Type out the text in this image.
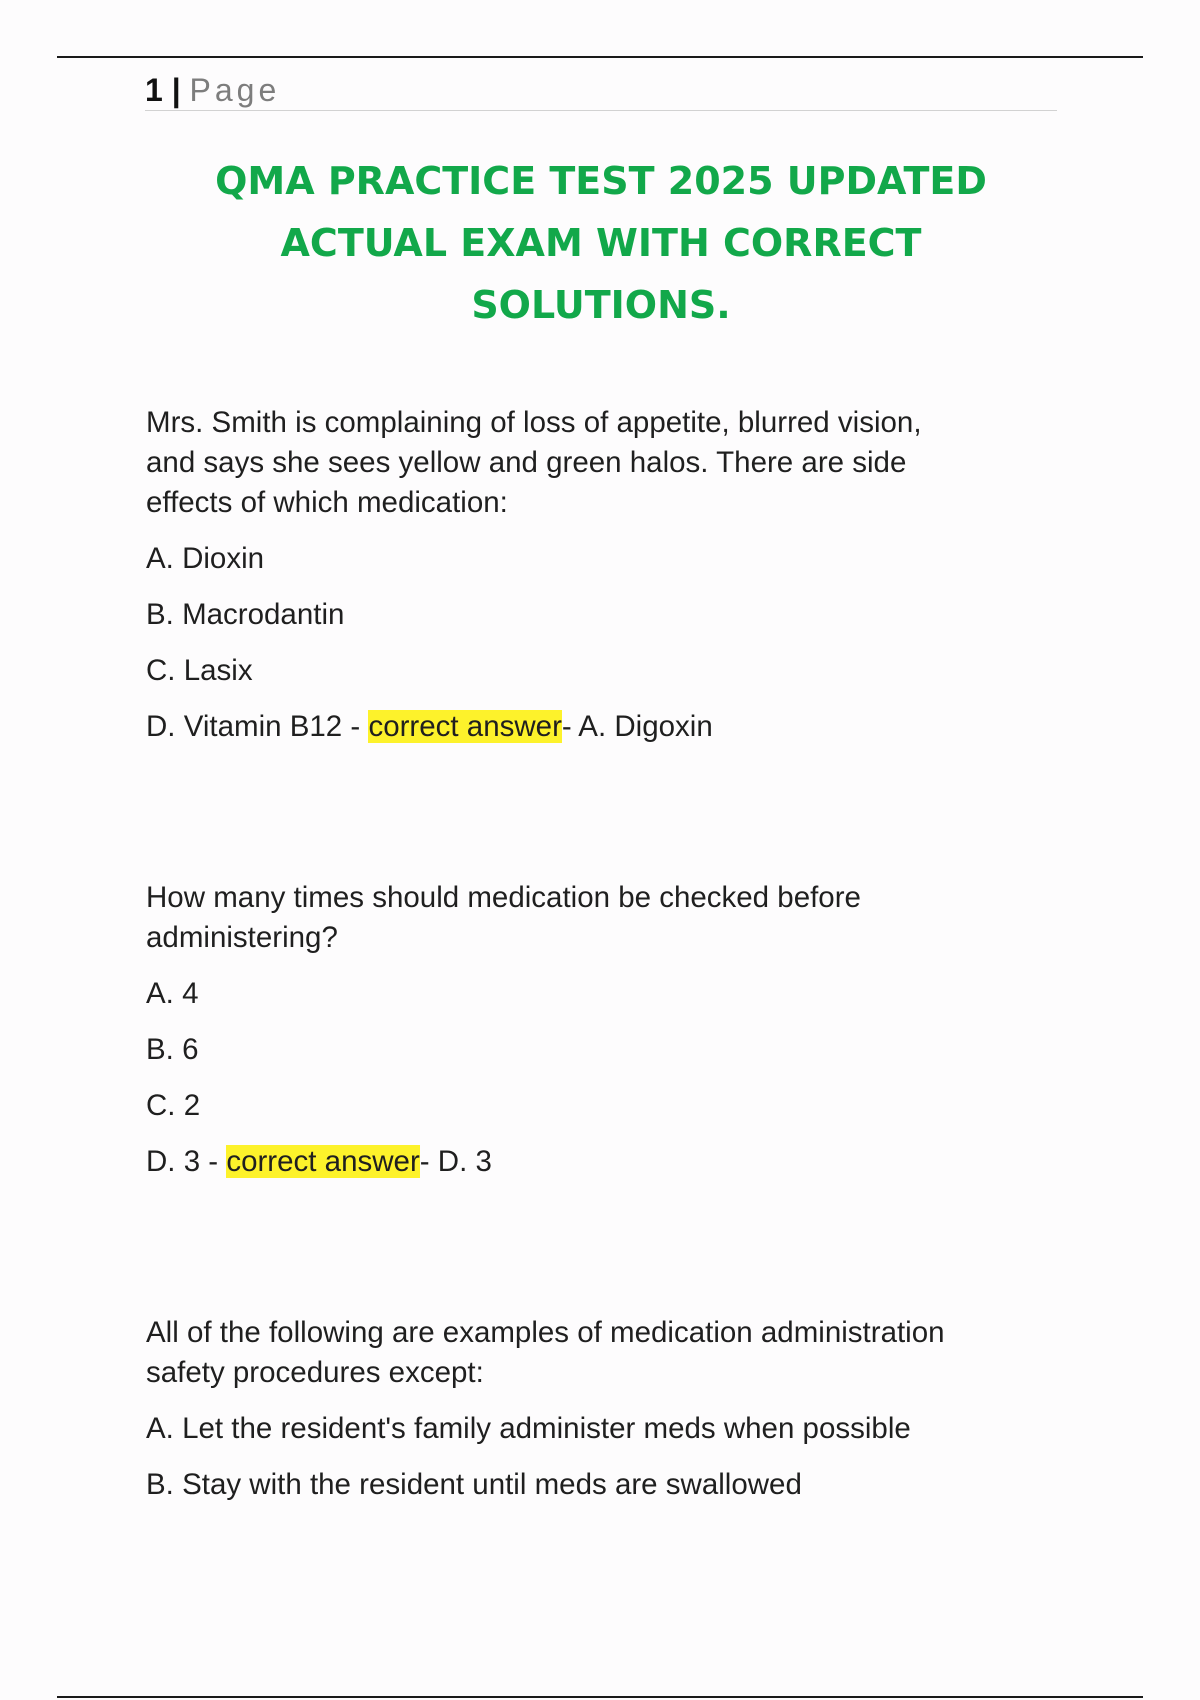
1 | Page
QMA PRACTICE TEST 2025 UPDATED
ACTUAL EXAM WITH CORRECT
SOLUTIONS.

Mrs. Smith is complaining of loss of appetite, blurred vision,
and says she sees yellow and green halos. There are side
effects of which medication:

A. Dioxin

B. Macrodantin

C. Lasix

D. Vitamin B12 - correct answer- A. Digoxin

How many times should medication be checked before
administering?

A. 4

B. 6

C. 2

D. 3 - correct answer- D. 3

All of the following are examples of medication administration
safety procedures except:

A. Let the resident's family administer meds when possible

B. Stay with the resident until meds are swallowed
